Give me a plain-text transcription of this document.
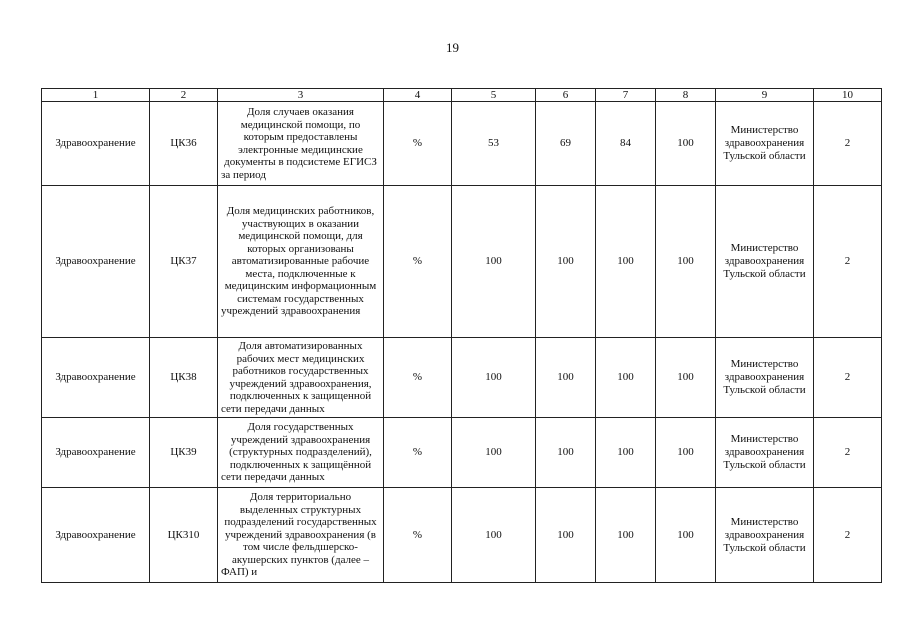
19
1	2	3	4	5	6	7	8	9	10
Здравоохранение	ЦК36	Доля случаев оказания медицинской помощи, по которым предоставлены электронные медицинские документы в подсистеме ЕГИСЗ за период	%	53	69	84	100	Министерство здравоохранения Тульской области	2
Здравоохранение	ЦК37	Доля медицинских работников, участвующих в оказании медицинской помощи, для которых организованы автоматизированные рабочие места, подключенные к медицинским информационным системам государственных учреждений здравоохранения	%	100	100	100	100	Министерство здравоохранения Тульской области	2
Здравоохранение	ЦК38	Доля автоматизированных рабочих мест медицинских работников государственных учреждений здравоохранения, подключенных к защищенной сети передачи данных	%	100	100	100	100	Министерство здравоохранения Тульской области	2
Здравоохранение	ЦК39	Доля государственных учреждений здравоохранения (структурных подразделений), подключенных к защищённой сети передачи данных	%	100	100	100	100	Министерство здравоохранения Тульской области	2
Здравоохранение	ЦК310	Доля территориально выделенных структурных подразделений государственных учреждений здравоохранения (в том числе фельдшерско-акушерских пунктов (далее – ФАП) и	%	100	100	100	100	Министерство здравоохранения Тульской области	2
